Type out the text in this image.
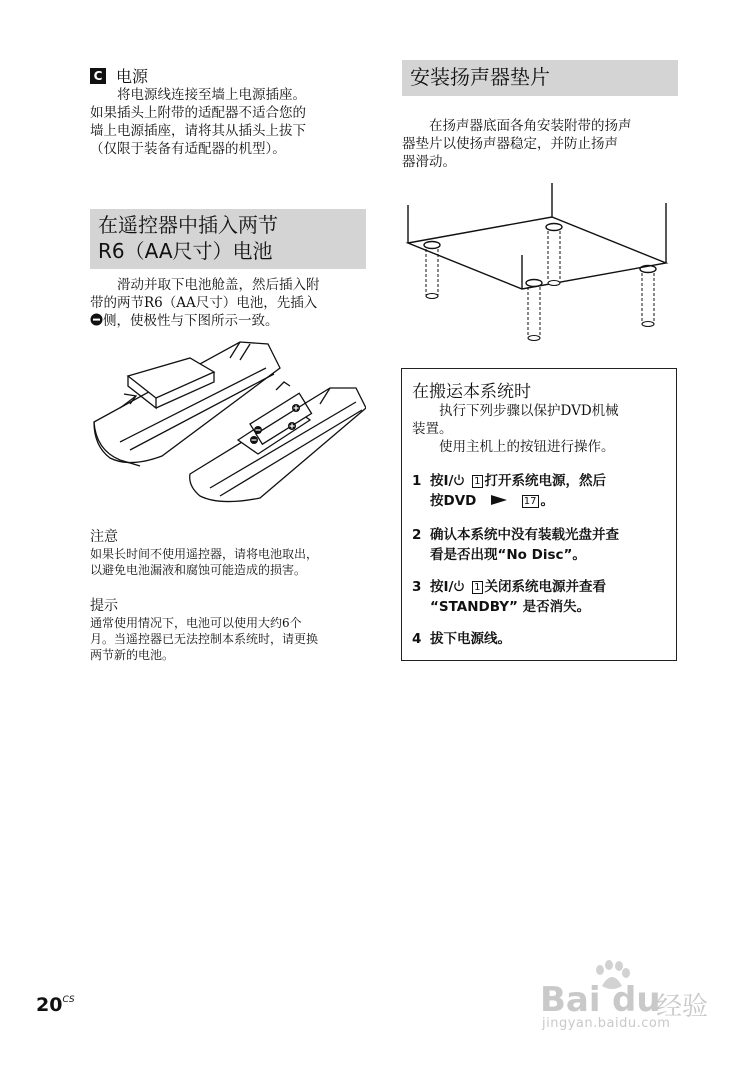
C 电源
将电源线连接至墙上电源插座。
如果插头上附带的适配器不适合您的
墙上电源插座，请将其从插头上拔下
（仅限于装备有适配器的机型）。
在遥控器中插入两节
R6（AA尺寸）电池
滑动并取下电池舱盖，然后插入附
带的两节R6（AA尺寸）电池，先插入
侧，使极性与下图所示一致。
注意
如果长时间不使用遥控器，请将电池取出，
以避免电池漏液和腐蚀可能造成的损害。
提示
通常使用情况下，电池可以使用大约6个
月。当遥控器已无法控制本系统时，请更换
两节新的电池。
安装扬声器垫片
在扬声器底面各角安装附带的扬声
器垫片以使扬声器稳定，并防止扬声
器滑动。
在搬运本系统时
执行下列步骤以保护DVD机械
装置。
使用主机上的按钮进行操作。
1 按I/ 1 打开系统电源，然后
按DVD	17 。
2 确认本系统中没有装载光盘并查
看是否出现“No Disc”。
3 按I/ 1 关闭系统电源并查看
“STANDBY” 是否消失。
4 拔下电源线。
$20^{CS}$	Bai du
经验
jingyan.baidu.com
